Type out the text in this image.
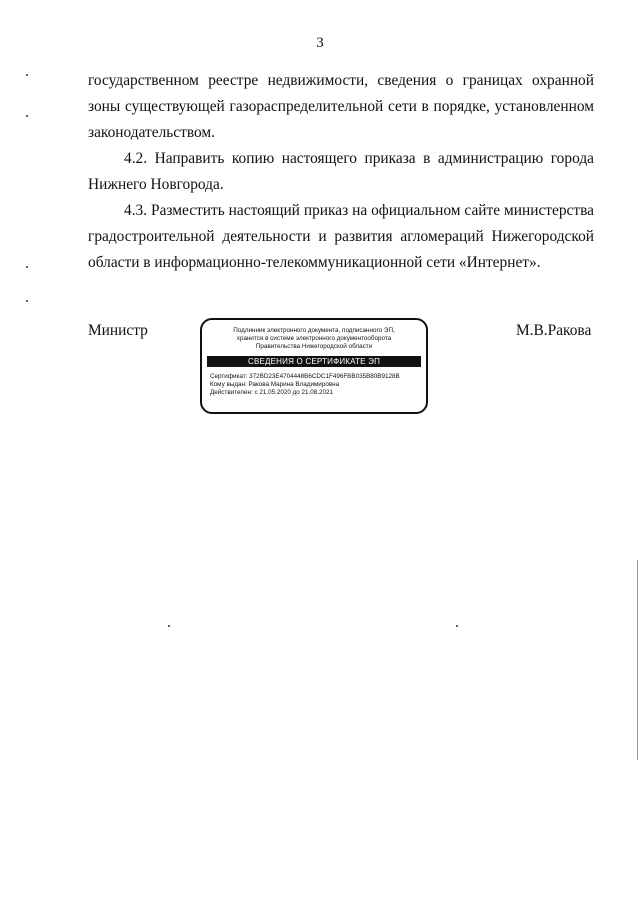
3

государственном реестре недвижимости, сведения о границах охранной зоны существующей газораспределительной сети в порядке, установленном законодательством.

4.2. Направить копию настоящего приказа в администрацию города Нижнего Новгорода.

4.3. Разместить настоящий приказ на официальном сайте министерства градостроительной деятельности и развития агломераций Нижегородской области в информационно-телекоммуникационной сети «Интернет».

Министр	М.В.Ракова
Подлинник электронного документа, подписанного ЭП,
хранится в системе электронного документооборота
Правительства Нижегородской области
СВЕДЕНИЯ О СЕРТИФИКАТЕ ЭП
Сертификат: 372BD23E4704448B6CDC1F496FBB035B80B9128B
Кому выдан: Ракова Марина Владимировна
Действителен: с 21.05.2020 до 21.08.2021
